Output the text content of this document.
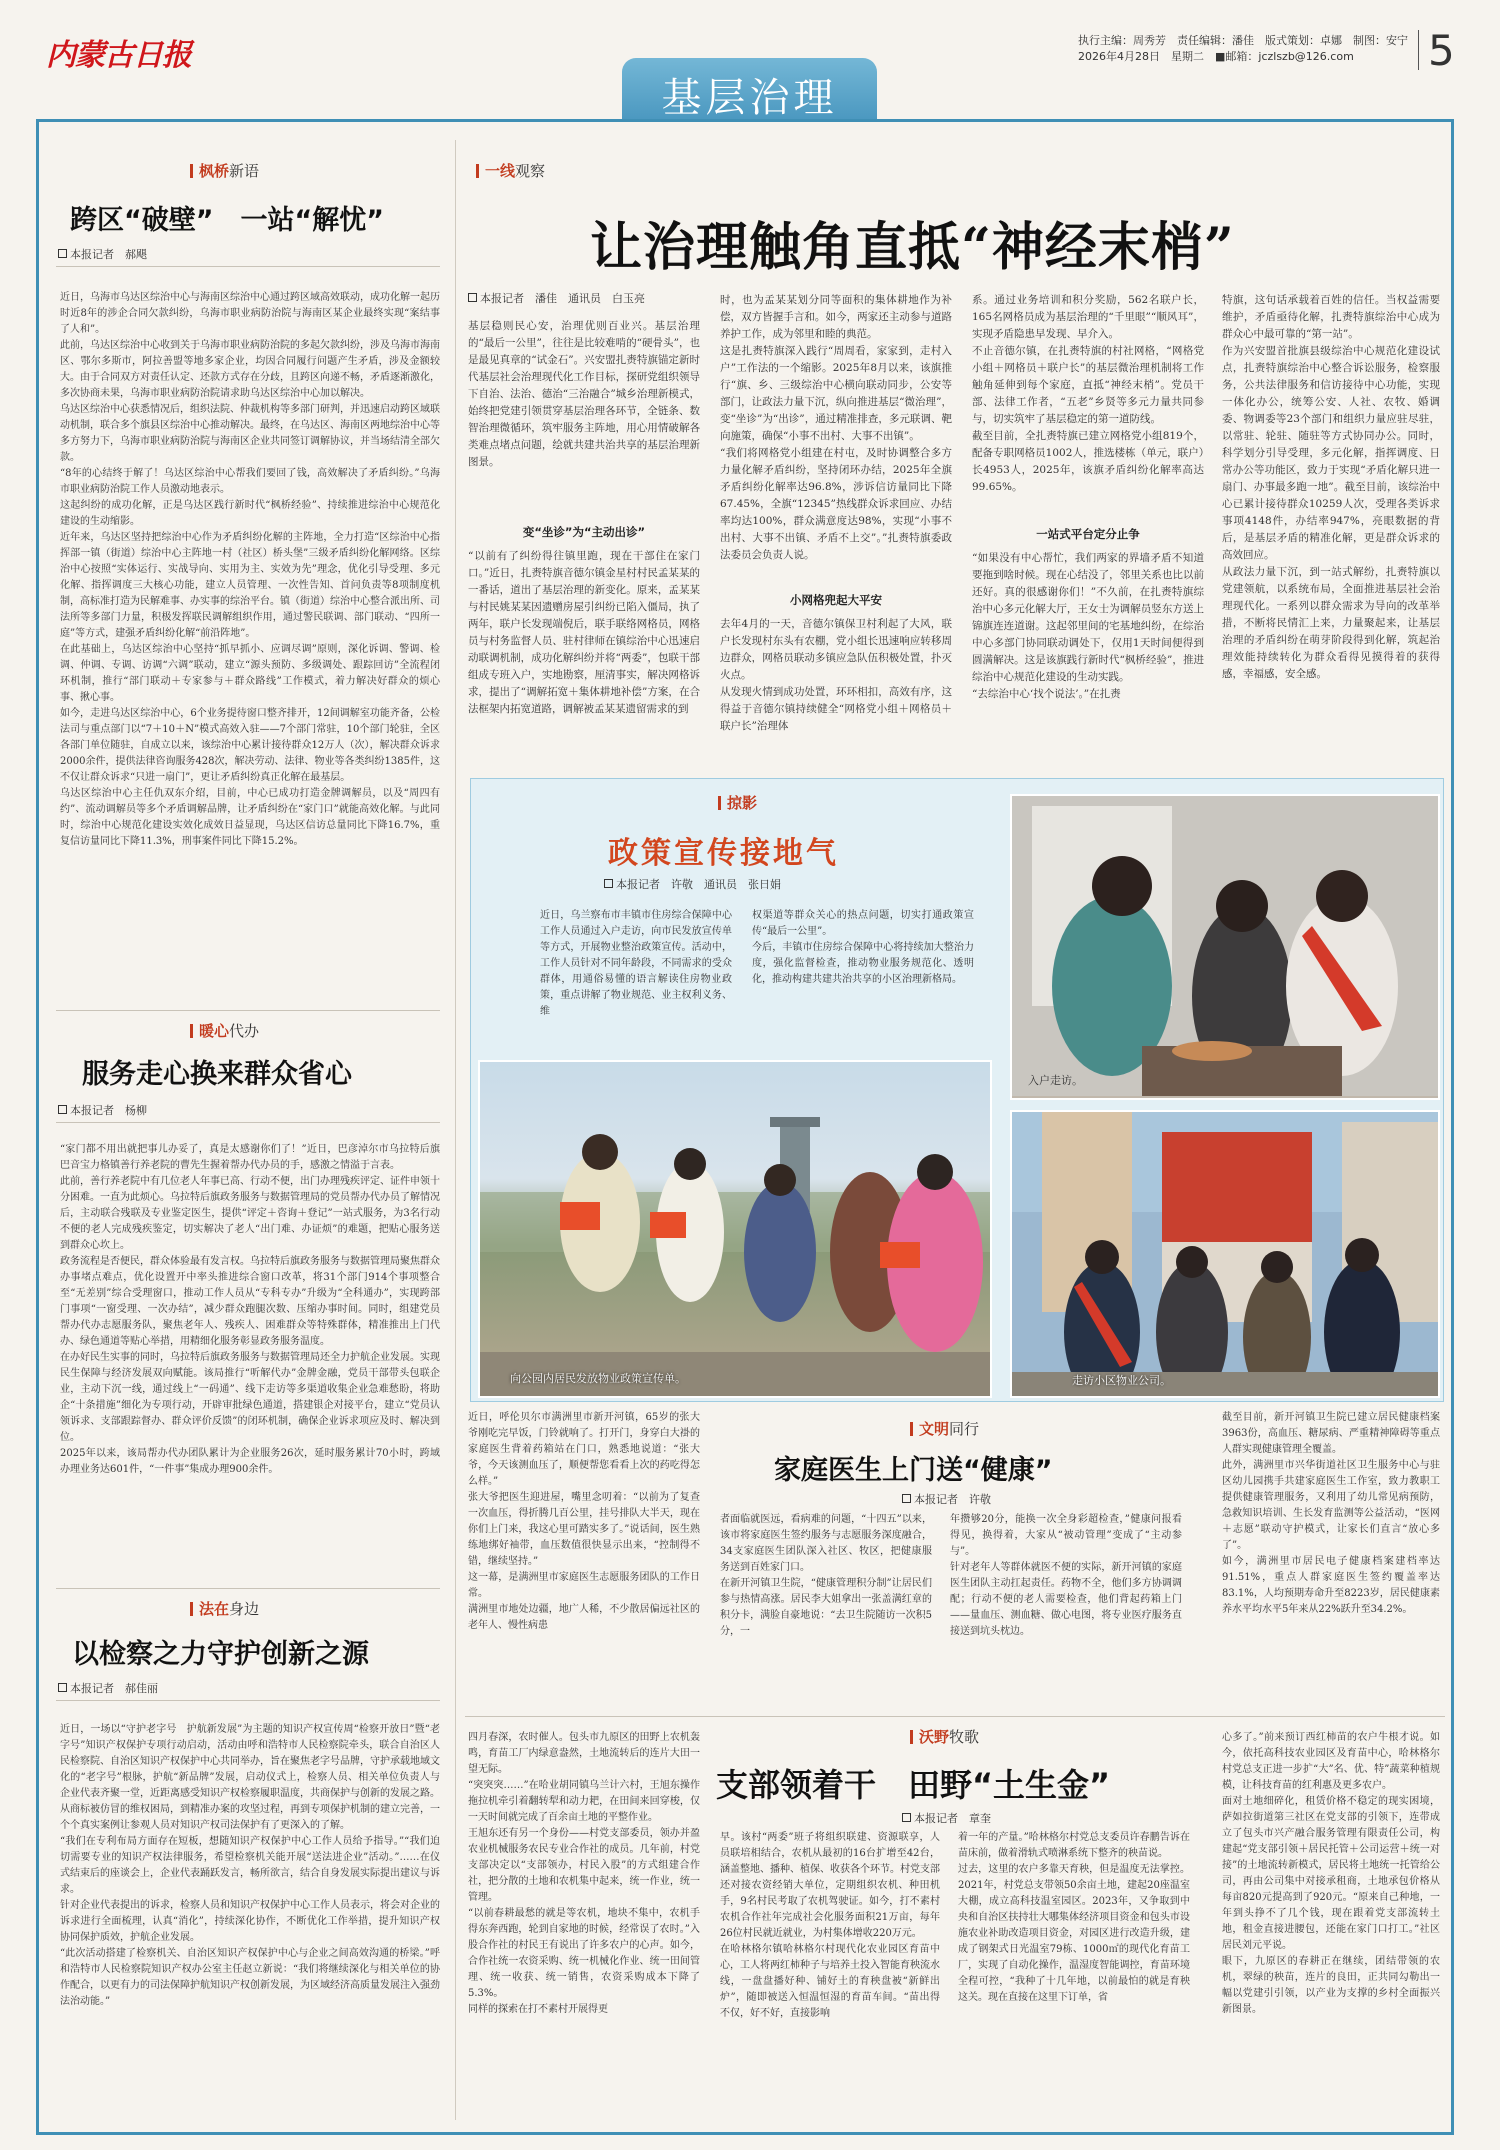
内蒙古日报	执行主编：周秀芳　责任编辑：潘佳　版式策划：卓娜　制图：安宁
2026年4月28日　星期二　■邮箱：jczlszb@126.com 5
基层治理
枫桥新语
跨区“破壁”　一站“解忧”
本报记者　郝飓
近日，乌海市乌达区综治中心与海南区综治中心通过跨区域高效联动，成功化解一起历时近8年的涉企合同欠款纠纷，乌海市职业病防治院与海南区某企业最终实现“案结事了人和”。
此前，乌达区综治中心收到关于乌海市职业病防治院的多起欠款纠纷，涉及乌海市海南区、鄂尔多斯市，阿拉善盟等地多家企业，均因合同履行问题产生矛盾，涉及金额较大。由于合同双方对责任认定、还款方式存在分歧，且跨区向递不畅，矛盾逐渐激化，多次协商未果，乌海市职业病防治院请求助乌达区综治中心加以解决。
乌达区综治中心获悉情况后，组织法院、仲裁机构等多部门研判，并迅速启动跨区域联动机制，联合多个旗县区综治中心推动解决。最终，在乌达区、海南区两地综治中心等多方努力下，乌海市职业病防治院与海南区企业共同签订调解协议，并当场结清全部欠款。
“8年的心结终于解了！乌达区综治中心帮我们要回了钱，高效解决了矛盾纠纷。”乌海市职业病防治院工作人员激动地表示。
这起纠纷的成功化解，正是乌达区践行新时代“枫桥经验”、持续推进综治中心规范化建设的生动缩影。
近年来，乌达区坚持把综治中心作为矛盾纠纷化解的主阵地，全力打造“区综治中心指挥部一镇（街道）综治中心主阵地一村（社区）桥头堡”三级矛盾纠纷化解网络。区综治中心按照“实体运行、实战导向、实用为主、实效为先”理念，优化引导受理、多元化解、指挥调度三大核心功能，建立人员管理、一次性告知、首问负责等8项制度机制，高标准打造为民解难事、办实事的综治平台。镇（街道）综治中心整合派出所、司法所等多部门力量，积极发挥联民调解组织作用，通过警民联调、部门联动、“四所一庭”等方式，建强矛盾纠纷化解“前沿阵地”。
在此基础上，乌达区综治中心坚持“抓早抓小、应调尽调”原则，深化诉调、警调、检调、仲调、专调、访调“六调”联动，建立“源头预防、多级调处、跟踪回访”全流程闭环机制，推行“部门联动＋专家参与＋群众路线”工作模式，着力解决好群众的烦心事、揪心事。
如今，走进乌达区综治中心，6个业务提待窗口整齐排开，12间调解室功能齐备，公检法司与重点部门以“7＋10＋N”模式高效入驻——7个部门常驻，10个部门轮驻，全区各部门单位随驻，自成立以来，该综治中心累计接待群众12万人（次），解决群众诉求2000余件，提供法律咨询服务428次，解决劳动、法律、物业等各类纠纷1385件，这不仅让群众诉求“只进一扇门”，更让矛盾纠纷真正化解在最基层。
乌达区综治中心主任仇双东介绍，目前，中心已成功打造金牌调解员，以及“周四有约”、流动调解员等多个矛盾调解品牌，让矛盾纠纷在“家门口”就能高效化解。与此同时，综治中心规范化建设实效化成效日益显现，乌达区信访总量同比下降16.7%，重复信访量同比下降11.3%，刑事案件同比下降15.2%。
暖心代办
服务走心换来群众省心
本报记者　杨柳
“家门都不用出就把事儿办妥了，真是太感谢你们了！”近日，巴彦淖尔市乌拉特后旗巴音宝力格镇善行养老院的曹先生握着帮办代办员的手，感激之情溢于言表。
此前，善行养老院中有几位老人年事已高、行动不便，出门办理残疾评定、证件申领十分困难。一直为此烦心。乌拉特后旗政务服务与数据管理局的党员帮办代办员了解情况后，主动联合残联及专业鉴定医生，提供“评定＋咨询＋登记”一站式服务，为3名行动不便的老人完成残疾鉴定，切实解决了老人“出门难、办证烦”的难题，把贴心服务送到群众心坎上。
政务流程是否便民，群众体验最有发言权。乌拉特后旗政务服务与数据管理局聚焦群众办事堵点难点，优化设置开中率头推进综合窗口改革，将31个部门914个事项整合至“无差别”综合受理窗口，推动工作人员从“专科专办”升级为“全科通办”，实现跨部门事项“一窗受理、一次办结”，减少群众跑腿次数、压缩办事时间。同时，组建党员帮办代办志愿服务队，聚焦老年人、残疾人、困难群众等特殊群体，精准推出上门代办、绿色通道等贴心举措，用精细化服务彰显政务服务温度。
在办好民生实事的同时，乌拉特后旗政务服务与数据管理局还全力护航企业发展。实现民生保障与经济发展双向赋能。该局推行“听解代办”金牌金融，党员干部带头包联企业，主动下沉一线，通过线上“一码通”、线下走访等多渠道收集企业急难愁盼，将助企“十条措施”细化为专项行动，开辟审批绿色通道，搭建银企对接平台，建立“党员认领诉求、支部跟踪督办、群众评价反馈”的闭环机制，确保企业诉求项应及时、解决到位。
2025年以来，该局帮办代办团队累计为企业服务26次，延时服务累计70小时，跨域办理业务达601件，“一件事”集成办理900余件。
法在身边
以检察之力守护创新之源
本报记者　郝佳丽
近日，一场以“守护老字号　护航新发展”为主题的知识产权宣传周“检察开放日”暨“老字号”知识产权保护专项行动启动，活动由呼和浩特市人民检察院牵头，联合自治区人民检察院、自治区知识产权保护中心共同举办，旨在聚焦老字号品牌，守护承载地域文化的“老字号”根脉，护航“新品牌”发展，启动仪式上，检察人员、相关单位负责人与企业代表齐聚一堂，近距离感受知识产权检察履职温度，共商保护与创新的发展之路。
从商标被仿冒的维权困局，到精准办案的攻坚过程，再到专项保护机制的建立完善，一个个真实案例让参观人员对知识产权司法保护有了更深入的了解。
“我们在专利布局方面存在短板，想随知识产权保护中心工作人员给予指导。”“我们迫切需要专业的知识产权法律服务，希望检察机关能开展“送法进企业”活动。”……在仪式结束后的座谈会上，企业代表踊跃发言，畅所欲言，结合自身发展实际提出建议与诉求。
针对企业代表提出的诉求，检察人员和知识产权保护中心工作人员表示，将会对企业的诉求进行全面梳理，认真“消化”，持续深化协作，不断优化工作举措，提升知识产权协同保护质效，护航企业发展。
“此次活动搭建了检察机关、自治区知识产权保护中心与企业之间高效沟通的桥梁。”呼和浩特市人民检察院知识产权办公室主任赵立新说：“我们将继续深化与相关单位的协作配合，以更有力的司法保障护航知识产权创新发展，为区域经济高质量发展注入强劲法治动能。”
一线观察
让治理触角直抵“神经末梢”
本报记者　潘佳　通讯员　白玉亮
基层稳则民心安，治理优则百业兴。基层治理的“最后一公里”，往往是比较难啃的“硬骨头”，也是最见真章的“试金石”。兴安盟扎赉特旗锚定新时代基层社会治理现代化工作目标，探研党组织领导下自治、法治、德治“三治融合”城乡治理新模式，始终把党建引领贯穿基层治理各环节，全链条、数智治理微循环，筑牢服务主阵地，用心用情破解各类难点堵点问题，绘就共建共治共享的基层治理新图景。
变“坐诊”为“主动出诊”
“以前有了纠纷得往镇里跑，现在干部住在家门口。”近日，扎赉特旗音德尔镇金星村村民孟某某的一番话，道出了基层治理的新变化。原来，孟某某与村民姚某某因遗赠房屋引纠纷已陷入僵局，执了两年，联户长发现端倪后，联手联络网格员，网格员与村务监督人员、驻村律师在镇综治中心迅速启动联调机制，成功化解纠纷并将“两委”，包联干部组成专班入户，实地勘察，厘清事实，解决网格诉求，提出了“调解拓宽＋集体耕地补偿”方案，在合法框架内拓宽道路，调解被孟某某遗留需求的到
时，也为孟某某划分同等面积的集体耕地作为补偿，双方皆握手言和。如今，两家还主动参与道路养护工作，成为邻里和睦的典范。
这是扎赉特旗深入践行“周周看，家家到，走村入户”工作法的一个缩影。2025年8月以来，该旗推行“旗、乡、三级综治中心横向联动同步，公安等部门，让政法力量下沉，纵向推进基层“微治理”，变“坐诊”为“出诊”，通过精准排查，多元联调、靶向施策，确保“小事不出村、大事不出镇”。
“我们将网格党小组建在村屯，及时协调整合多方力量化解矛盾纠纷，坚持闭环办结，2025年全旗矛盾纠纷化解率达96.8%，涉诉信访量同比下降67.45%，全旗“12345”热线群众诉求回应、办结率均达100%，群众满意度达98%，实现“小事不出村、大事不出镇、矛盾不上交”。”扎赉特旗委政法委员会负责人说。
小网格兜起大平安
去年4月的一天，音德尔镇保卫村利起了大风，联户长发现村东头有农棚，党小组长迅速响应转移周边群众，网格员联动多镇应急队伍积极处置，扑灭火点。
从发现火情到成功处置，环环相扣，高效有序，这得益于音德尔镇持续健全“网格党小组＋网格员＋联户长”治理体
系。通过业务培训和积分奖励，562名联户长，165名网格员成为基层治理的“千里眼”“顺风耳”，实现矛盾隐患早发现、早介入。
不止音德尔镇，在扎赉特旗的村社网格，“网格党小组＋网格员＋联户长”的基层微治理机制将工作触角延伸到每个家庭，直抵“神经末梢”。党员干部、法律工作者，“五老”乡贤等多元力量共同参与，切实筑牢了基层稳定的第一道防线。
截至目前，全扎赉特旗已建立网格党小组819个，配备专职网格员1002人，推选楼栋（单元，联户）长4953人，2025年，该旗矛盾纠纷化解率高达99.65%。
一站式平台定分止争
“如果没有中心帮忙，我们两家的界墙矛盾不知道要拖到啥时候。现在心结没了，邻里关系也比以前还好。真的很感谢你们！”不久前，在扎赉特旗综治中心多元化解大厅，王女士为调解员竖东方送上锦旗连连道谢。这起邻里间的宅基地纠纷，在综治中心多部门协同联动调处下，仅用1天时间便得到圆满解决。这是该旗践行新时代“枫桥经验”，推进综治中心规范化建设的生动实践。
“去综治中心‘找个说法’。”在扎赉
特旗，这句话承载着百姓的信任。当权益需要维护，矛盾亟待化解，扎赉特旗综治中心成为群众心中最可靠的“第一站”。
作为兴安盟首批旗县级综治中心规范化建设试点，扎赉特旗综治中心整合诉讼服务，检察服务，公共法律服务和信访接待中心功能，实现一体化办公，统筹公安、人社、农牧、婚调委、物调委等23个部门和组织力量应驻尽驻，以常驻、轮驻、随驻等方式协同办公。同时，科学划分引导受理，多元化解，指挥调度、日常办公等功能区，致力于实现“矛盾化解只进一扇门、办事最多跑一地”。截至目前，该综治中心已累计接待群众10259人次，受理各类诉求事项4148件，办结率947%，亮眼数据的背后，是基层矛盾的精准化解，更是群众诉求的高效回应。
从政法力量下沉，到一站式解纷，扎赉特旗以党建领航，以系统布局，全面推进基层社会治理现代化。一系列以群众需求为导向的改革举措，不断将民情汇上来，力量聚起来，让基层治理的矛盾纠纷在萌芽阶段得到化解，筑起治理效能持续转化为群众看得见摸得着的获得感，幸福感，安全感。
掠影
政策宣传接地气
本报记者　许敬　通讯员　张日娟
近日，乌兰察布市丰镇市住房综合保障中心工作人员通过入户走访，向市民发放宣传单等方式，开展物业整治政策宣传。活动中，工作人员针对不同年龄段，不同需求的受众群体，用通俗易懂的语言解读住房物业政策，重点讲解了物业规范、业主权利义务、维
权渠道等群众关心的热点问题，切实打通政策宣传“最后一公里”。
今后，丰镇市住房综合保障中心将持续加大整治力度，强化监督检查，推动物业服务规范化、透明化，推动构建共建共治共享的小区治理新格局。
向公园内居民发放物业政策宣传单。
入户走访。
走访小区物业公司。
文明同行
家庭医生上门送“健康”
本报记者　许敬
近日，呼伦贝尔市满洲里市新开河镇，65岁的张大爷刚吃完早饭，门铃就响了。打开门，身穿白大褂的家庭医生背着药箱站在门口，熟悉地说道：“张大爷，今天该测血压了，顺便帮您看看上次的药吃得怎么样。”
张大爷把医生迎进屋，嘴里念叨着：“以前为了复查一次血压，得折腾几百公里，挂号排队大半天，现在你们上门来，我这心里可踏实多了。”说话间，医生熟练地绑好袖带，血压数值很快显示出来，“控制得不错，继续坚持。”
这一幕，是满洲里市家庭医生志愿服务团队的工作日常。
满洲里市地处边疆，地广人稀，不少散居偏远社区的老年人、慢性病患
者面临就医远，看病难的问题，“十四五”以来，该市将家庭医生签约服务与志愿服务深度融合，34支家庭医生团队深入社区、牧区，把健康服务送到百姓家门口。
在新开河镇卫生院，“健康管理积分制”让居民们参与热情高涨。居民李大姐拿出一张盖满红章的积分卡，满脸自豪地说：“去卫生院随访一次积5分，一
年攒够20分，能换一次全身彩超检查，”健康问报看得见，换得着，大家从“被动管理”变成了“主动参与”。
针对老年人等群体就医不便的实际，新开河镇的家庭医生团队主动扛起责任。药物不全，他们多方协调调配；行动不便的老人需要检查，他们背起药箱上门——量血压、测血糖、做心电图，将专业医疗服务直接送到坑头枕边。
截至目前，新开河镇卫生院已建立居民健康档案3963份，高血压、糖尿病、严重精神障碍等重点人群实现健康管理全覆盖。
此外，满洲里市兴华街道社区卫生服务中心与驻区幼儿园携手共建家庭医生工作室，致力教职工提供健康管理服务，又利用了幼儿常见病预防，急救知识培训、生长发育监测等公益活动，“医网＋志愿”联动守护模式，让家长们直言“放心多了”。
如今，满洲里市居民电子健康档案建档率达91.51%，重点人群家庭医生签约覆盖率达83.1%，人均预期寿命升至8223岁，居民健康素养水平均水平5年来从22%跃升至34.2%。
沃野牧歌
支部领着干　田野“土生金”
本报记者　章奎
四月春深，农时催人。包头市九原区的田野上农机轰鸣，育苗工厂内绿意盎然，土地流转后的连片大田一望无际。
“突突突……”在哈业胡同镇乌兰计六村，王旭东操作拖拉机牵引着翻转犁和动力耙，在田间来回穿梭，仅一天时间就完成了百余亩土地的平整作业。
王旭东还有另一个身份——村党支部委员，领办并盈农业机械服务农民专业合作社的成员。几年前，村党支部决定以“支部领办，村民入股”的方式组建合作社，把分散的土地和农机集中起来，统一作业，统一管理。
“以前春耕最愁的就是等农机，地块不集中，农机手得东奔西跑，轮到自家地的时候，经常误了农时。”入股合作社的村民王有说出了许多农户的心声。如今，合作社统一农资采购、统一机械化作业、统一田间管理、统一收获、统一销售，农资采购成本下降了5.3%。
同样的探索在打不素村开展得更
早。该村“两委”班子将组织联建、资源联享，人员联培相结合，农机从最初的16台扩增至42台，涵盖整地、播种、植保、收获各个环节。村党支部还对接农资经销大单位，定期组织农机、种田机手，9名村民考取了农机驾驶证。如今，打不素村农机合作社年完成社会化服务面积21万亩，每年26位村民就近就业，为村集体增收220万元。
在哈林格尔镇哈林格尔村现代化农业园区育苗中心，工人将两红柿种子与培养土投入智能育秧流水线，一盘盘播好种、铺好土的育秧盘被“新鲜出炉”，随即被送入恒温恒湿的育苗车间。“苗出得不仅，好不好，直接影响
着一年的产量。”哈林格尔村党总支委员许春鹏告诉在苗床前，做着滑轨式喷淋系统下整齐的秧苗说。
过去，这里的农户多靠天育秧，但是温度无法掌控。2021年，村党总支带领50余亩土地，建起20座温室大棚，成立高科技温室园区。2023年，又争取到中央和自治区扶持壮大哪集体经济项目资金和包头市设施农业补助改造项目资金，对园区进行改造升级，建成了钢架式日光温室79栋、1000㎡的现代化育苗工厂，实现了自动化操作，温湿度智能调控，育苗环境全程可控，“我种了十几年地，以前最怕的就是育秧这关。现在直接在这里下订单，省
心多了。”前来预订西红柿苗的农户牛根才说。如今，依托高科技农业园区及育苗中心，哈林格尔村党总支正进一步扩“大”名、优、特”蔬菜种植规模，让科技育苗的红利惠及更多农户。
面对土地细碎化，租赁价格不稳定的现实困境，萨如拉街道第三社区在党支部的引领下，连带成立了包头市兴产融合服务管理有限责任公司，构建起“党支部引领＋居民托管＋公司运营＋统一对接”的土地流转新模式，居民将土地统一托管给公司，再由公司集中对接承租商，土地承包价格从每亩820元提高到了920元。“原来自己种地，一年到头挣不了几个钱，现在跟着党支部流转土地，租金直接进腰包，还能在家门口打工。”社区居民刘元平说。
眼下，九原区的春耕正在继续，团结带领的农机，翠绿的秧苗，连片的良田，正共同勾勒出一幅以党建引引领，以产业为支撑的乡村全面振兴新图景。
